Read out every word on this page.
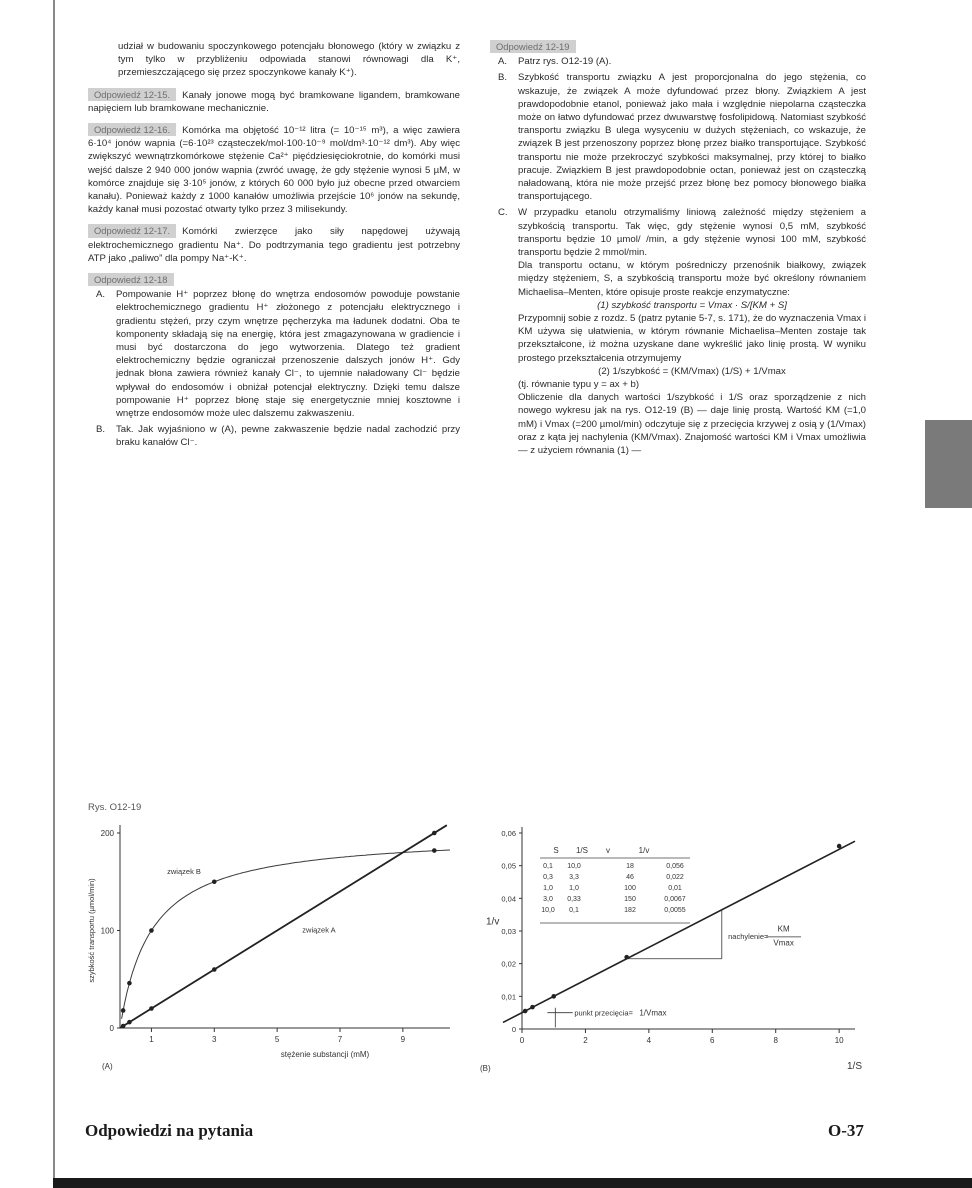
udział w budowaniu spoczynkowego potencjału błonowego (który w związku z tym tylko w przybliżeniu odpowiada stanowi równowagi dla K⁺, przemieszczającego się przez spoczynkowe kanały K⁺).

Odpowiedź 12-15. Kanały jonowe mogą być bramkowane ligandem, bramkowane napięciem lub bramkowane mechanicznie.

Odpowiedź 12-16. Komórka ma objętość 10⁻¹² litra (= 10⁻¹⁵ m³), a więc zawiera 6·10⁴ jonów wapnia (=6·10²³ cząsteczek/mol·100·10⁻⁹ mol/dm³·10⁻¹² dm³). Aby więc zwiększyć wewnątrzkomórkowe stężenie Ca²⁺ pięćdziesięciokrotnie, do komórki musi wejść dalsze 2 940 000 jonów wapnia (zwróć uwagę, że gdy stężenie wynosi 5 µM, w komórce znajduje się 3·10⁵ jonów, z których 60 000 było już obecne przed otwarciem kanału). Ponieważ każdy z 1000 kanałów umożliwia przejście 10⁶ jonów na sekundę, każdy kanał musi pozostać otwarty tylko przez 3 milisekundy.

Odpowiedź 12-17. Komórki zwierzęce jako siły napędowej używają elektrochemicznego gradientu Na⁺. Do podtrzymania tego gradientu jest potrzebny ATP jako „paliwo” dla pompy Na⁺-K⁺.

Odpowiedź 12-18
A.	Pompowanie H⁺ poprzez błonę do wnętrza endosomów powoduje powstanie elektrochemicznego gradientu H⁺ złożonego z potencjału elektrycznego i gradientu stężeń, przy czym wnętrze pęcherzyka ma ładunek dodatni. Oba te komponenty składają się na energię, która jest zmagazynowana w gradiencie i musi być dostarczona do jego wytworzenia. Dlatego też gradient elektrochemiczny będzie ograniczał przenoszenie dalszych jonów H⁺. Gdy jednak błona zawiera również kanały Cl⁻, to ujemnie naładowany Cl⁻ będzie wpływał do endosomów i obniżał potencjał elektryczny. Dzięki temu dalsze pompowanie H⁺ poprzez błonę staje się energetycznie mniej kosztowne i wnętrze endosomów może ulec dalszemu zakwaszeniu.
B.	Tak. Jak wyjaśniono w (A), pewne zakwaszenie będzie nadal zachodzić przy braku kanałów Cl⁻.
Odpowiedź 12-19
A.	Patrz rys. O12-19 (A).
B.	Szybkość transportu związku A jest proporcjonalna do jego stężenia, co wskazuje, że związek A może dyfundować przez błony. Związkiem A jest prawdopodobnie etanol, ponieważ jako mała i względnie niepolarna cząsteczka może on łatwo dyfundować przez dwuwarstwę fosfolipidową. Natomiast szybkość transportu związku B ulega wysyceniu w dużych stężeniach, co wskazuje, że związek B jest przenoszony poprzez błonę przez białko transportujące. Szybkość transportu nie może przekroczyć szybkości maksymalnej, przy której to białko pracuje. Związkiem B jest prawdopodobnie octan, ponieważ jest on cząsteczką naładowaną, która nie może przejść przez błonę bez pomocy błonowego białka transportującego.
C.	W przypadku etanolu otrzymaliśmy liniową zależność między stężeniem a szybkością transportu. Tak więc, gdy stężenie wynosi 0,5 mM, szybkość transportu będzie 10 µmol/ /min, a gdy stężenie wynosi 100 mM, szybkość transportu będzie 2 mmol/min.

Dla transportu octanu, w którym pośredniczy przenośnik białkowy, związek między stężeniem, S, a szybkością transportu może być określony równaniem Michaelisa–Menten, które opisuje proste reakcje enzymatyczne:

(1) szybkość transportu = Vmax · S/[KM + S]

Przypomnij sobie z rozdz. 5 (patrz pytanie 5-7, s. 171), że do wyznaczenia Vmax i KM używa się ułatwienia, w którym równanie Michaelisa–Menten zostaje tak przekształcone, iż można uzyskane dane wykreślić jako linię prostą. W wyniku prostego przekształcenia otrzymujemy

(2) 1/szybkość = (KM/Vmax) (1/S) + 1/Vmax

(tj. równanie typu y = ax + b)

Obliczenie dla danych wartości 1/szybkość i 1/S oraz sporządzenie z nich nowego wykresu jak na rys. O12-19 (B) — daje linię prostą. Wartość KM (=1,0 mM) i Vmax (=200 µmol/min) odczytuje się z przecięcia krzywej z osią y (1/Vmax) oraz z kąta jej nachylenia (KM/Vmax). Znajomość wartości KM i Vmax umożliwia — z użyciem równania (1) —

Rys. O12-19
1	3	5	7	9
0
100
200
stężenie substancji (mM)
szybkość transportu (µmol/min)
związek B
związek A
(A)
0	2	4	6	8	10
0
0,01
0,02
0,03
0,04
0,05
0,06
1/S
1/v
nachylenie=
KM
Vmax
punkt przecięcia= 1/Vmax
S 1/S v	1/v
0,1 10,0	18	0,056
0,3 3,3	46	0,022
1,0 1,0	100	0,01
3,0 0,33	150	0,0067
10,0 0,1	182	0,0055
(B)
Odpowiedzi na pytania	O-37
